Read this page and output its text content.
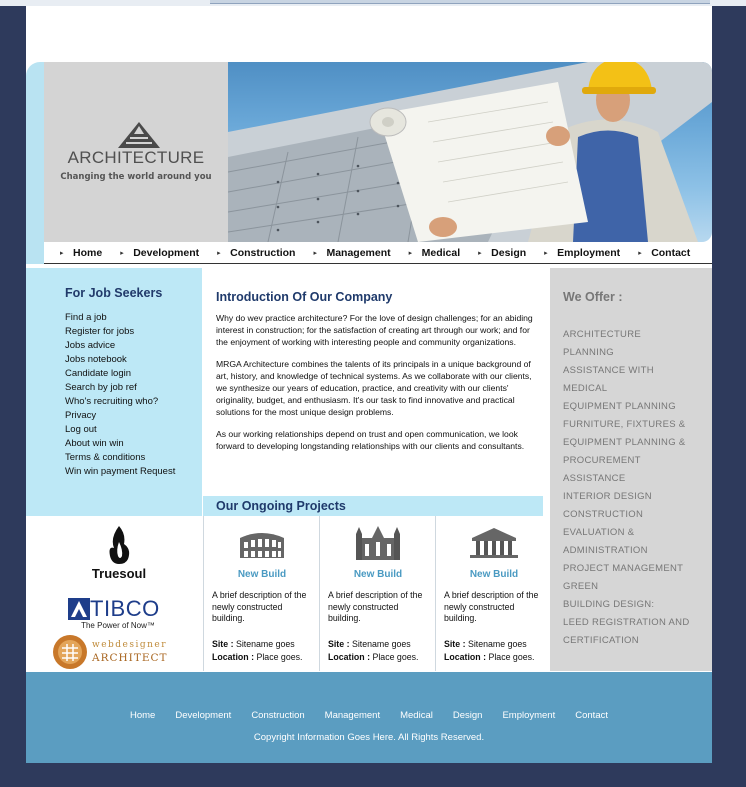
ARCHITECTURE
Changing the world around you
▸ Home	▸ Development	▸ Construction	▸ Management	▸ Medical	▸ Design	▸ Employment	▸ Contact
For Job Seekers
Find a job
Register for jobs
Jobs advice
Jobs notebook
Candidate login
Search by job ref
Who's recruiting who?
Privacy
Log out
About win win
Terms & conditions
Win win payment Request
Introduction Of Our Company

Why do wev practice architecture? For the love of design challenges; for an abiding interest in construction; for the satisfaction of creating art through our work; and for the enjoyment of working with interesting people and community organizations.

MRGA Architecture combines the talents of its principals in a unique background of art, history, and knowledge of technical systems. As we collaborate with our clients, we synthesize our years of education, practice, and creativity with our clients' originality, budget, and enthusiasm. It's our task to find innovative and practical solutions for the most unique design problems.

As our working relationships depend on trust and open communication, we look forward to developing longstanding relationships with our clients and consultants.

Our Ongoing Projects
We Offer :
ARCHITECTURE
PLANNING
ASSISTANCE WITH
MEDICAL
EQUIPMENT PLANNING
FURNITURE, FIXTURES &
EQUIPMENT PLANNING &
PROCUREMENT
ASSISTANCE
INTERIOR DESIGN
CONSTRUCTION
EVALUATION &
ADMINISTRATION
PROJECT MANAGEMENT
GREEN
BUILDING DESIGN:
LEED REGISTRATION AND
CERTIFICATION
Truesoul
TIBCO
The Power of Now™
webdesigner
ARCHITECT
New Build
A brief description of the newly constructed building.
Site : Sitename goes
Location : Place goes.
New Build
A brief description of the newly constructed building.
Site : Sitename goes
Location : Place goes.
New Build
A brief description of the newly constructed building.
Site : Sitename goes
Location : Place goes.
Home Development Construction Management Medical Design Employment Contact
Copyright Information Goes Here. All Rights Reserved.
